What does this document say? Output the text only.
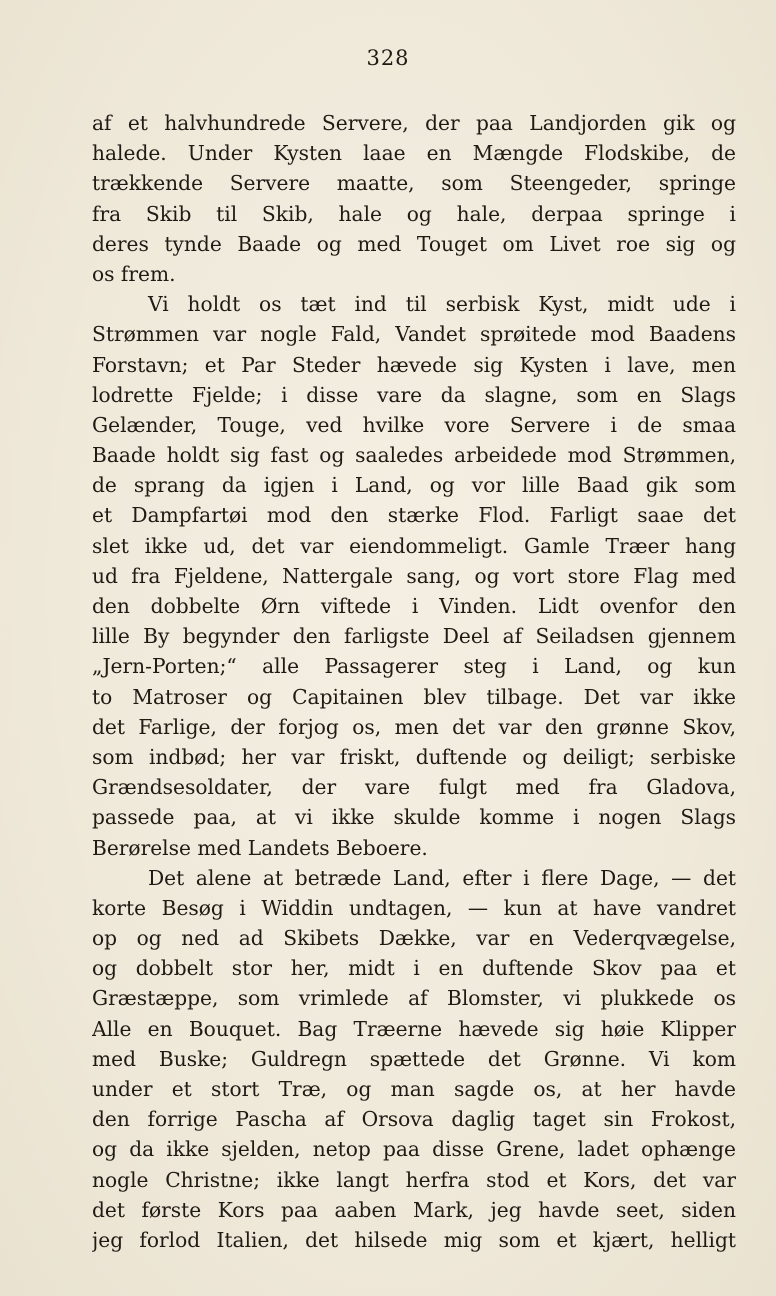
328
af et halvhundrede Servere, der paa Landjorden gik og
halede. Under Kysten laae en Mængde Flodskibe, de
trækkende Servere maatte, som Steengeder, springe
fra Skib til Skib, hale og hale, derpaa springe i
deres tynde Baade og med Touget om Livet roe sig og
os frem.
Vi holdt os tæt ind til serbisk Kyst, midt ude i
Strømmen var nogle Fald, Vandet sprøitede mod Baadens
Forstavn; et Par Steder hævede sig Kysten i lave, men
lodrette Fjelde; i disse vare da slagne, som en Slags
Gelænder, Touge, ved hvilke vore Servere i de smaa
Baade holdt sig fast og saaledes arbeidede mod Strømmen,
de sprang da igjen i Land, og vor lille Baad gik som
et Dampfartøi mod den stærke Flod. Farligt saae det
slet ikke ud, det var eiendommeligt. Gamle Træer hang
ud fra Fjeldene, Nattergale sang, og vort store Flag med
den dobbelte Ørn viftede i Vinden. Lidt ovenfor den
lille By begynder den farligste Deel af Seiladsen gjennem
„Jern-Porten;“ alle Passagerer steg i Land, og kun
to Matroser og Capitainen blev tilbage. Det var ikke
det Farlige, der forjog os, men det var den grønne Skov,
som indbød; her var friskt, duftende og deiligt; serbiske
Grændsesoldater, der vare fulgt med fra Gladova,
passede paa, at vi ikke skulde komme i nogen Slags
Berørelse med Landets Beboere.
Det alene at betræde Land, efter i flere Dage, — det
korte Besøg i Widdin undtagen, — kun at have vandret
op og ned ad Skibets Dække, var en Vederqvægelse,
og dobbelt stor her, midt i en duftende Skov paa et
Græstæppe, som vrimlede af Blomster, vi plukkede os
Alle en Bouquet. Bag Træerne hævede sig høie Klipper
med Buske; Guldregn spættede det Grønne. Vi kom
under et stort Træ, og man sagde os, at her havde
den forrige Pascha af Orsova daglig taget sin Frokost,
og da ikke sjelden, netop paa disse Grene, ladet ophænge
nogle Christne; ikke langt herfra stod et Kors, det var
det første Kors paa aaben Mark, jeg havde seet, siden
jeg forlod Italien, det hilsede mig som et kjært, helligt
